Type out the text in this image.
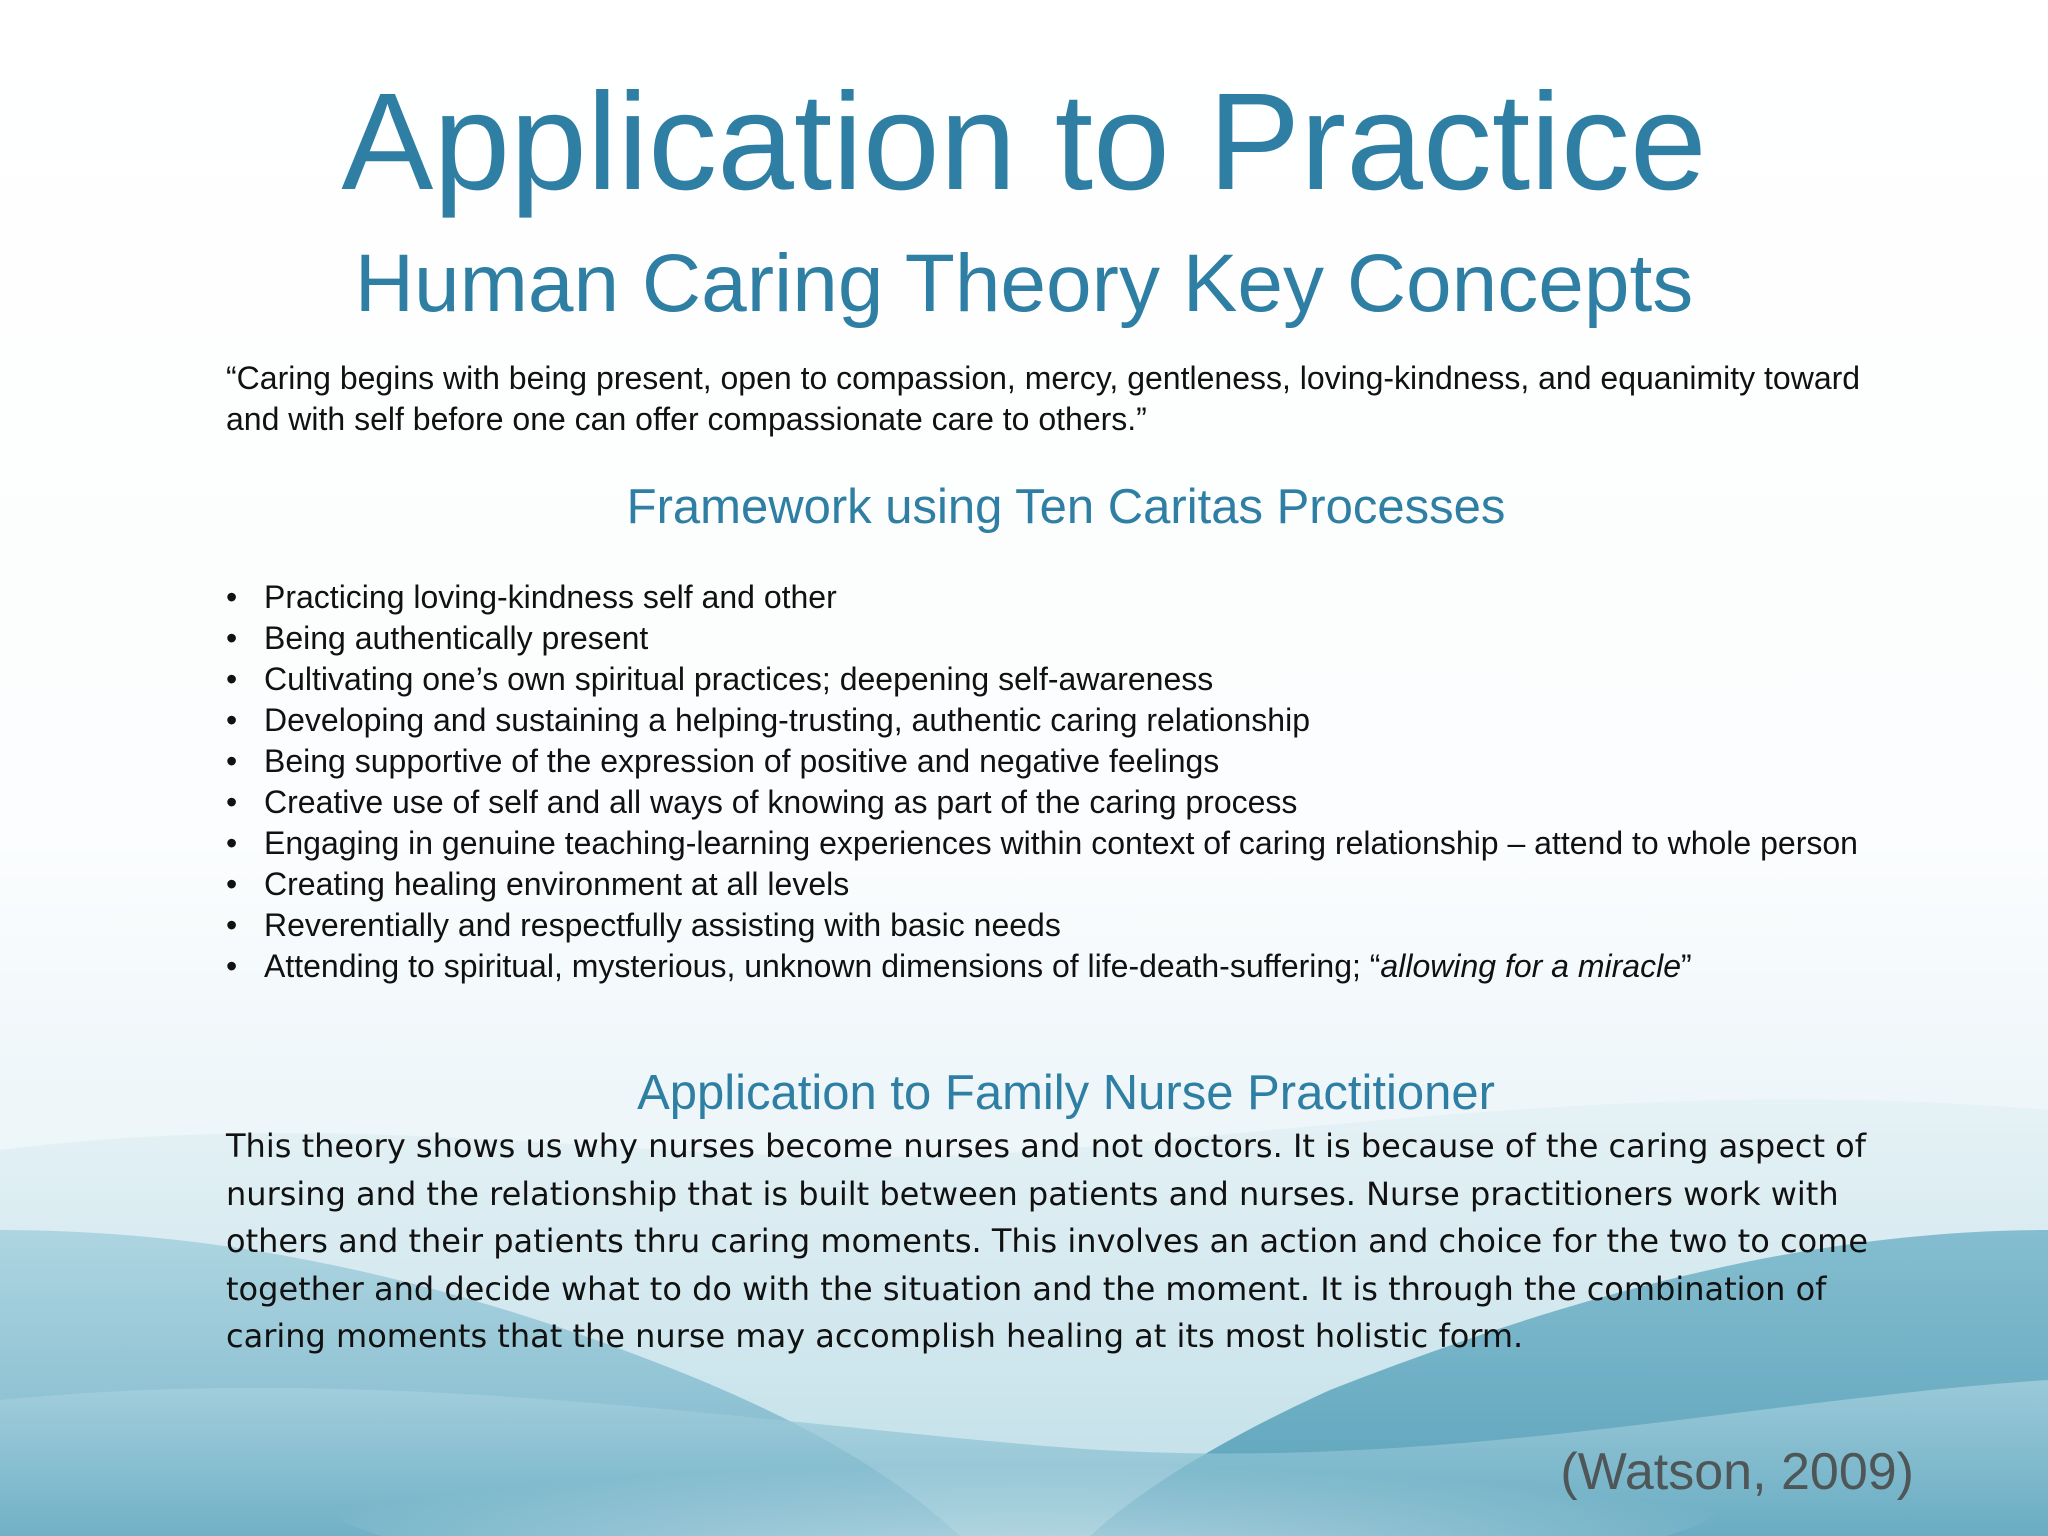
Application to Practice
Human Caring Theory Key Concepts

“Caring begins with being present, open to compassion, mercy, gentleness, loving-kindness, and equanimity toward and with self before one can offer compassionate care to others.”

Framework using Ten Caritas Processes
• Practicing loving-kindness self and other
• Being authentically present
• Cultivating one’s own spiritual practices; deepening self-awareness
• Developing and sustaining a helping-trusting, authentic caring relationship
• Being supportive of the expression of positive and negative feelings
• Creative use of self and all ways of knowing as part of the caring process
• Engaging in genuine teaching-learning experiences within context of caring relationship – attend to whole person
• Creating healing environment at all levels
• Reverentially and respectfully assisting with basic needs
• Attending to spiritual, mysterious, unknown dimensions of life-death-suffering; “allowing for a miracle”
Application to Family Nurse Practitioner

This theory shows us why nurses become nurses and not doctors. It is because of the caring aspect of nursing and the relationship that is built between patients and nurses. Nurse practitioners work with others and their patients thru caring moments. This involves an action and choice for the two to come together and decide what to do with the situation and the moment. It is through the combination of caring moments that the nurse may accomplish healing at its most holistic form.

(Watson, 2009)
